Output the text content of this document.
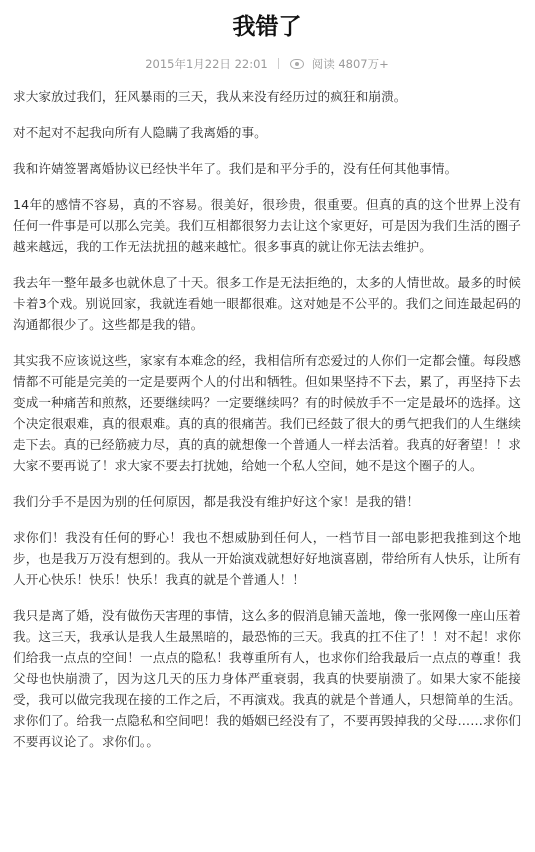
我错了
2015年1月22日 22:01	阅读 4807万+

求大家放过我们，狂风暴雨的三天，我从来没有经历过的疯狂和崩溃。

对不起对不起我向所有人隐瞒了我离婚的事。

我和许婧签署离婚协议已经快半年了。我们是和平分手的，没有任何其他事情。

14年的感情不容易，真的不容易。很美好，很珍贵，很重要。但真的真的这个世界上没有任何一件事是可以那么完美。我们互相都很努力去让这个家更好，可是因为我们生活的圈子越来越远，我的工作无法扰扭的越来越忙。很多事真的就让你无法去维护。

我去年一整年最多也就休息了十天。很多工作是无法拒绝的，太多的人情世故。最多的时候卡着3个戏。别说回家，我就连看她一眼都很难。这对她是不公平的。我们之间连最起码的沟通都很少了。这些都是我的错。

其实我不应该说这些，家家有本难念的经，我相信所有恋爱过的人你们一定都会懂。每段感情都不可能是完美的一定是要两个人的付出和牺牲。但如果坚持不下去，累了，再坚持下去变成一种痛苦和煎熬，还要继续吗？一定要继续吗？有的时候放手不一定是最坏的选择。这个决定很艰难，真的很艰难。真的真的很痛苦。我们已经鼓了很大的勇气把我们的人生继续走下去。真的已经筋疲力尽，真的真的就想像一个普通人一样去活着。我真的好奢望！！求大家不要再说了！求大家不要去打扰她，给她一个私人空间，她不是这个圈子的人。

我们分手不是因为别的任何原因，都是我没有维护好这个家！是我的错！

求你们！我没有任何的野心！我也不想威胁到任何人，一档节目一部电影把我推到这个地步，也是我万万没有想到的。我从一开始演戏就想好好地演喜剧，带给所有人快乐，让所有人开心快乐！快乐！快乐！我真的就是个普通人！！

我只是离了婚，没有做伤天害理的事情，这么多的假消息铺天盖地，像一张网像一座山压着我。这三天，我承认是我人生最黑暗的，最恐怖的三天。我真的扛不住了！！对不起！求你们给我一点点的空间！一点点的隐私！我尊重所有人，也求你们给我最后一点点的尊重！我父母也快崩溃了，因为这几天的压力身体严重衰弱，我真的快要崩溃了。如果大家不能接受，我可以做完我现在接的工作之后，不再演戏。我真的就是个普通人，只想简单的生活。求你们了。给我一点隐私和空间吧！我的婚姻已经没有了，不要再毁掉我的父母……求你们不要再议论了。求你们。。
